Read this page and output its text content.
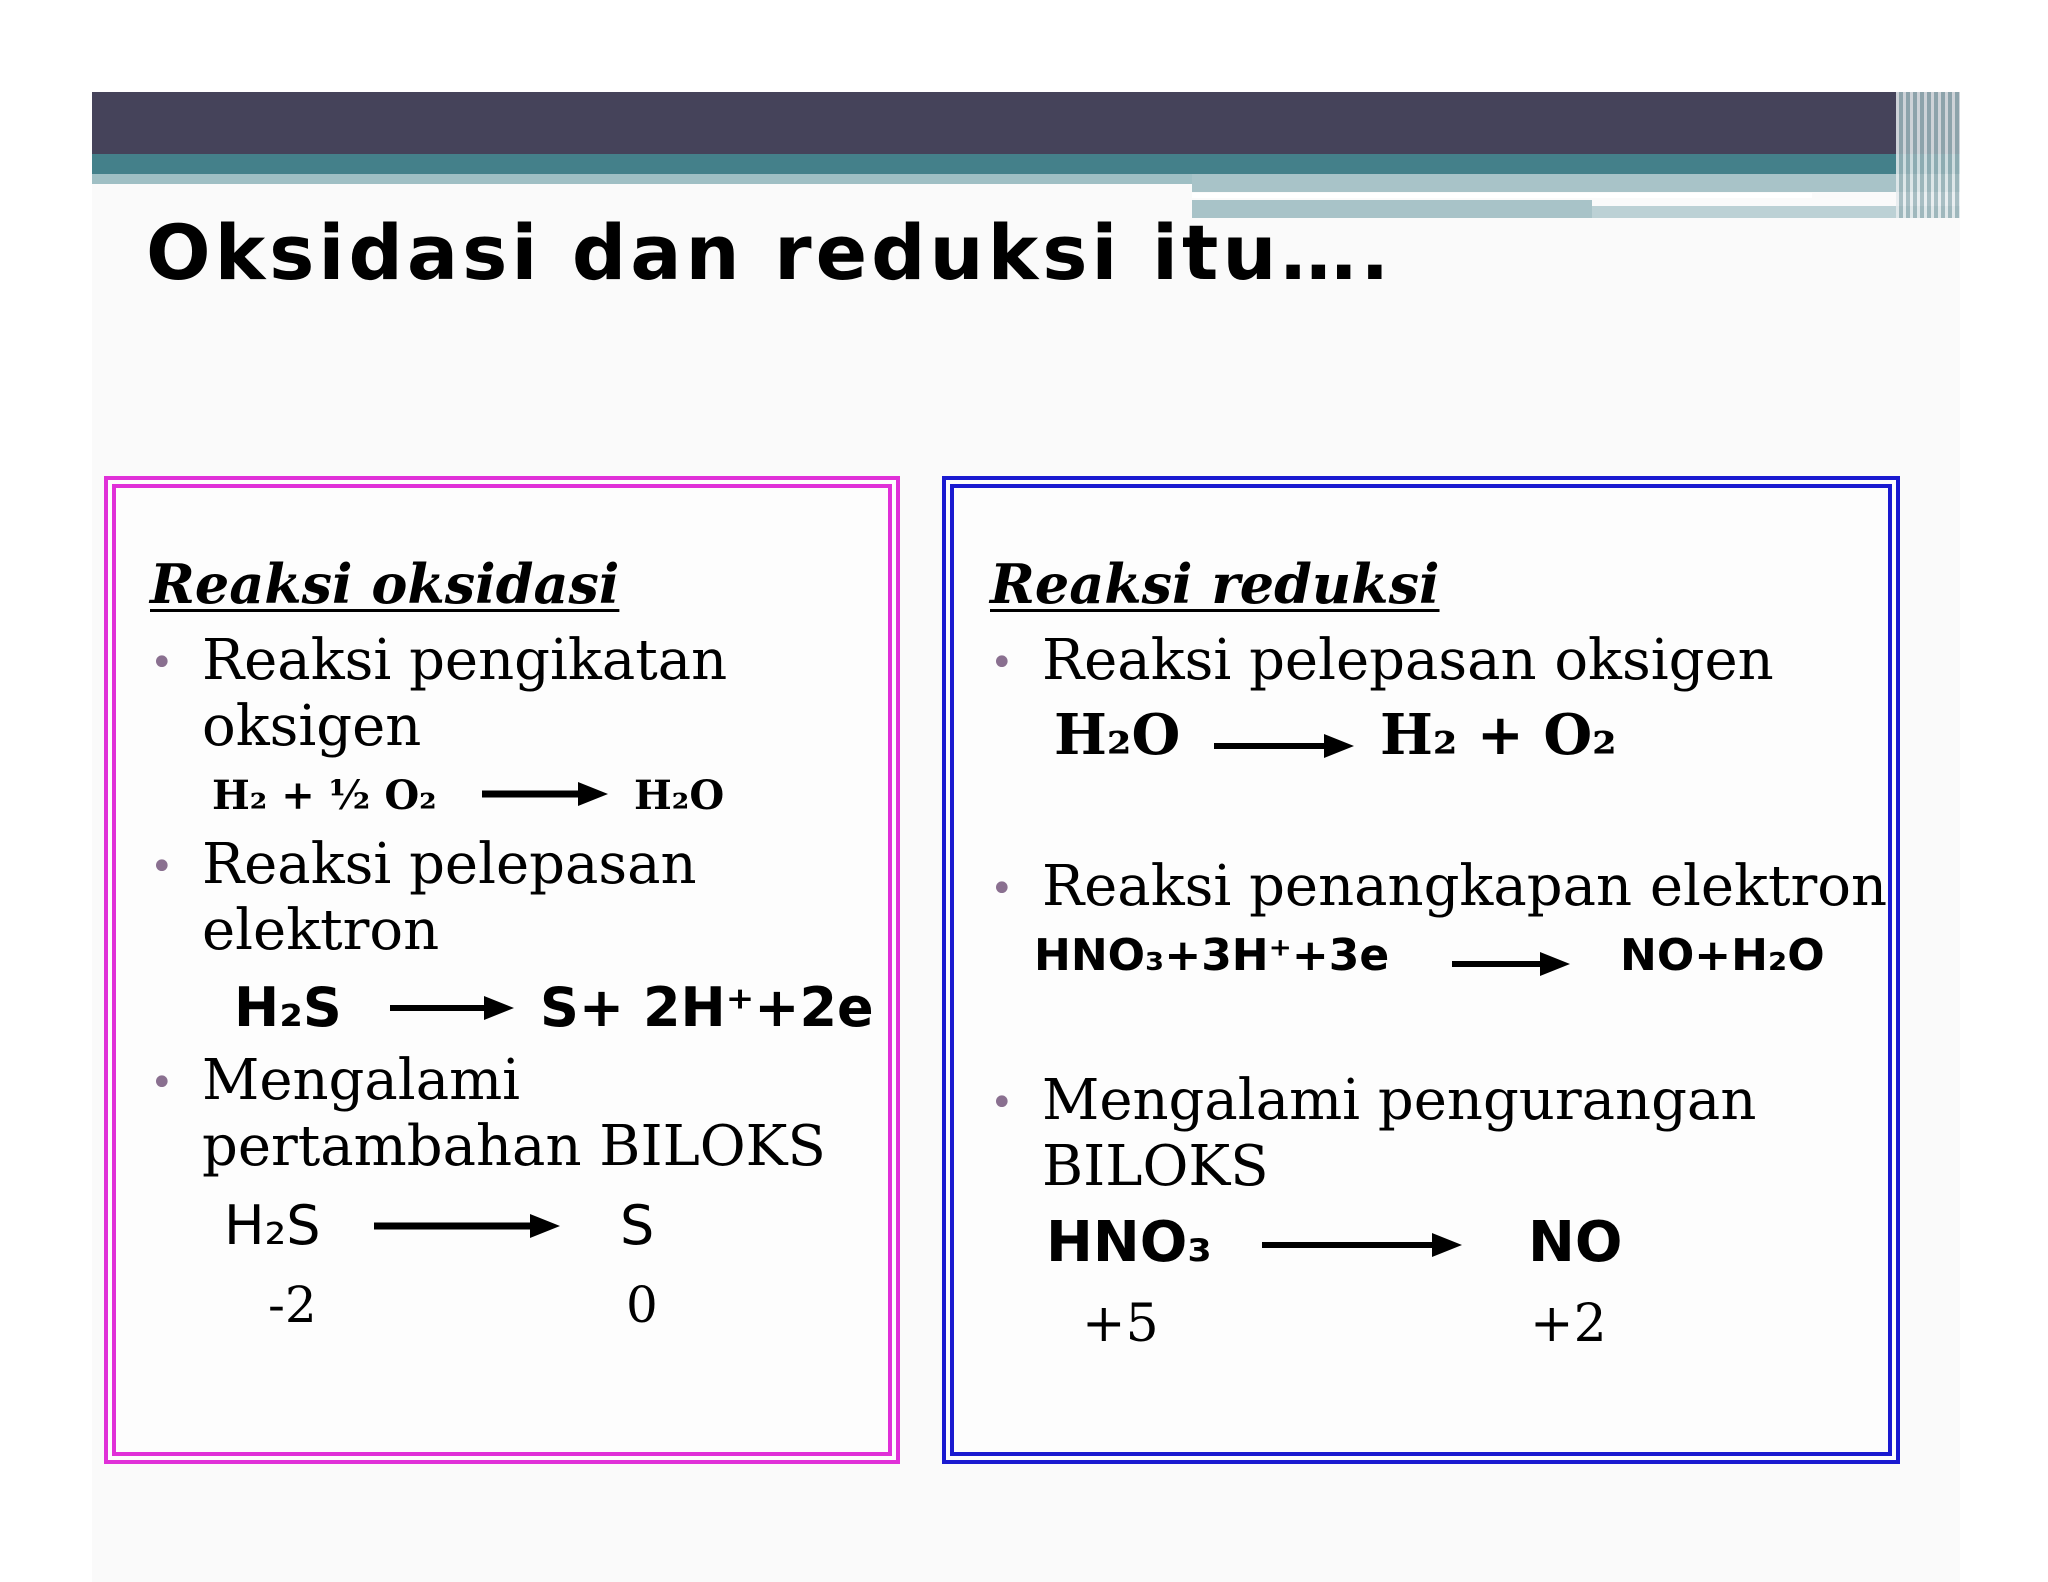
Oksidasi dan reduksi itu….
Reaksi oksidasi
• Reaksi pengikatan
oksigen
H₂ + ½ O₂	H₂O
• Reaksi pelepasan
elektron
H₂S	S+ 2H⁺+2e
• Mengalami
pertambahan BILOKS
H₂S	S
-2	0
Reaksi reduksi
• Reaksi pelepasan oksigen
H₂O	H₂ + O₂
• Reaksi penangkapan elektron
HNO₃+3H⁺+3e	NO+H₂O
• Mengalami pengurangan
BILOKS
HNO₃	NO
+5	+2
